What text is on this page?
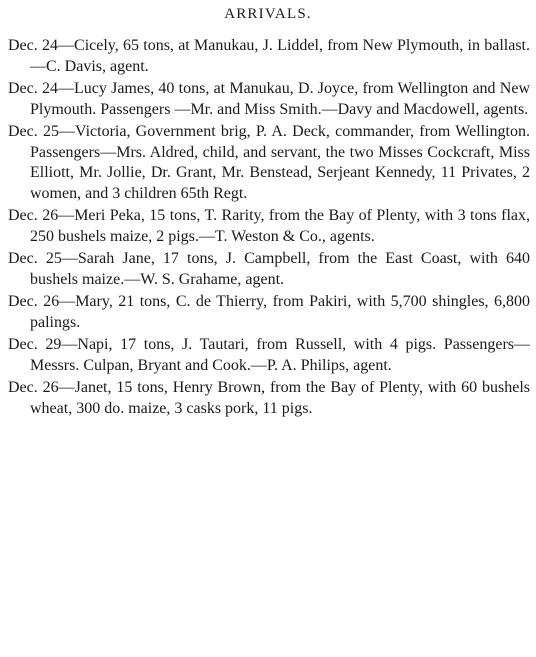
ARRIVALS.

Dec. 24—Cicely, 65 tons, at Manukau, J. Liddel, from New Plymouth, in ballast.—C. Davis, agent.

Dec. 24—Lucy James, 40 tons, at Manukau, D. Joyce, from Wellington and New Plymouth. Passengers —Mr. and Miss Smith.—Davy and Macdowell, agents.

Dec. 25—Victoria, Government brig, P. A. Deck, commander, from Wellington. Passengers—Mrs. Aldred, child, and servant, the two Misses Cockcraft, Miss Elliott, Mr. Jollie, Dr. Grant, Mr. Benstead, Serjeant Kennedy, 11 Privates, 2 women, and 3 children 65th Regt.

Dec. 26—Meri Peka, 15 tons, T. Rarity, from the Bay of Plenty, with 3 tons flax, 250 bushels maize, 2 pigs.—T. Weston & Co., agents.

Dec. 25—Sarah Jane, 17 tons, J. Campbell, from the East Coast, with 640 bushels maize.—W. S. Grahame, agent.

Dec. 26—Mary, 21 tons, C. de Thierry, from Pakiri, with 5,700 shingles, 6,800 palings.

Dec. 29—Napi, 17 tons, J. Tautari, from Russell, with 4 pigs. Passengers—Messrs. Culpan, Bryant and Cook.—P. A. Philips, agent.

Dec. 26—Janet, 15 tons, Henry Brown, from the Bay of Plenty, with 60 bushels wheat, 300 do. maize, 3 casks pork, 11 pigs.
